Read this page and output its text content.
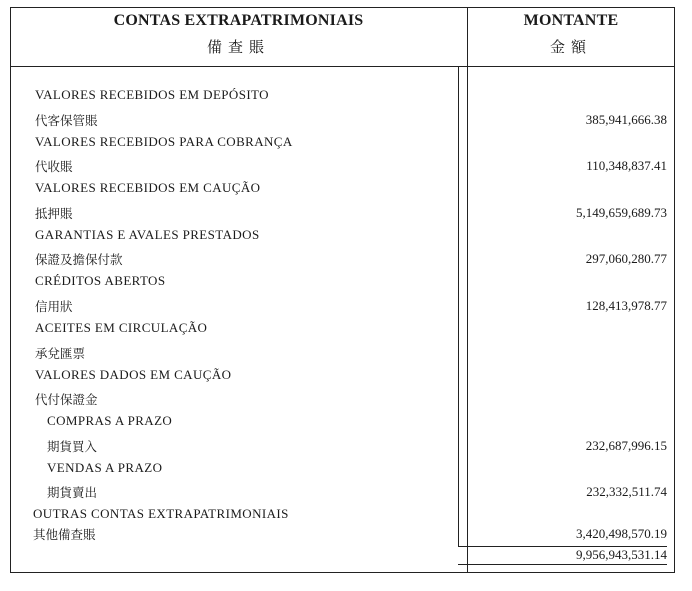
CONTAS EXTRAPATRIMONIAIS
備查賬
MONTANTE
金額
VALORES RECEBIDOS EM DEPÓSITO
代客保管賬	385,941,666.38
VALORES RECEBIDOS PARA COBRANÇA
代收賬	110,348,837.41
VALORES RECEBIDOS EM CAUÇÃO
抵押賬	5,149,659,689.73
GARANTIAS E AVALES PRESTADOS
保證及擔保付款	297,060,280.77
CRÉDITOS ABERTOS
信用狀	128,413,978.77
ACEITES EM CIRCULAÇÃO
承兌匯票
VALORES DADOS EM CAUÇÃO
代付保證金
COMPRAS A PRAZO
期貨買入	232,687,996.15
VENDAS A PRAZO
期貨賣出	232,332,511.74
OUTRAS CONTAS EXTRAPATRIMONIAIS
其他備查賬	3,420,498,570.19
9,956,943,531.14
